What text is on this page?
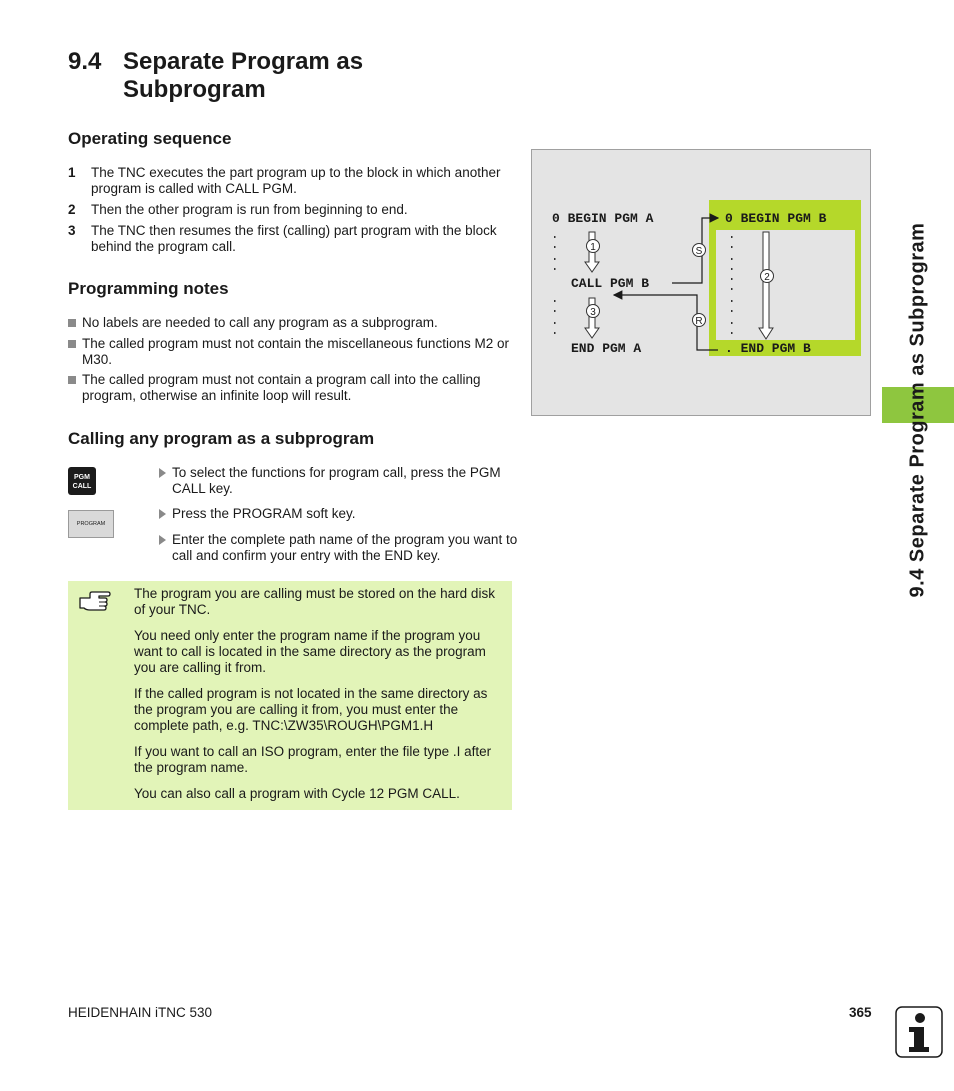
9.4 Separate Program as
Subprogram
Operating sequence
1 The TNC executes the part program up to the block in which another program is called with CALL PGM.
2 Then the other program is run from beginning to end.
3 The TNC then resumes the first (calling) part program with the block behind the program call.
Programming notes
No labels are needed to call any program as a subprogram.
The called program must not contain the miscellaneous functions M2 or M30.
The called program must not contain a program call into the calling program, otherwise an infinite loop will result.
Calling any program as a subprogram
PGM
CALL
PROGRAM
To select the functions for program call, press the PGM CALL key.
Press the PROGRAM soft key.
Enter the complete path name of the program you want to call and confirm your entry with the END key.
The program you are calling must be stored on the hard disk of your TNC.
You need only enter the program name if the program you want to call is located in the same directory as the program you are calling it from.
If the called program is not located in the same directory as the program you are calling it from, you must enter the complete path, e.g. TNC:\ZW35\ROUGH\PGM1.H
If you want to call an ISO program, enter the file type .I after the program name.
You can also call a program with Cycle 12 PGM CALL.
1
3
2
S
R
0 BEGIN PGM A
CALL PGM B
END PGM A
0 BEGIN PGM B
. END PGM B	9.4 Separate Program as Subprogram
HEIDENHAIN iTNC 530	365
